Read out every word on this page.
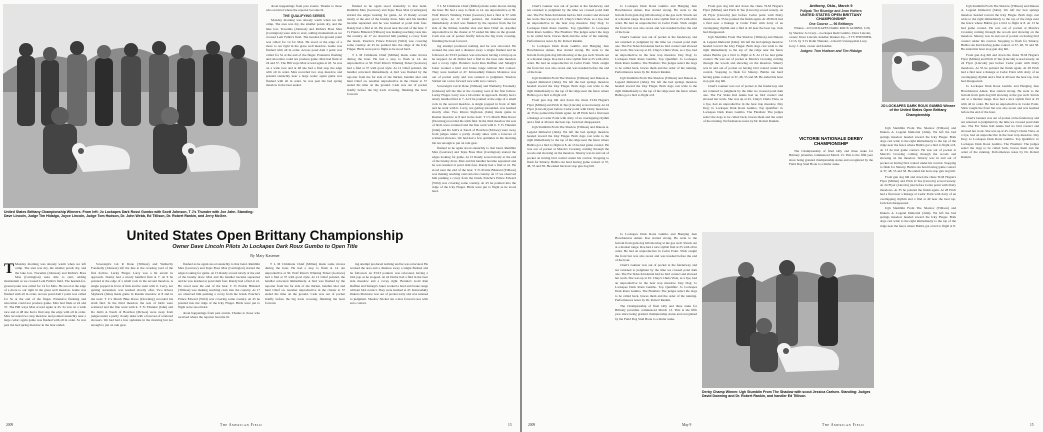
United States Brittany Championship Winners. From left: Jo Lockapes Dark Rossi Gumbo with Scott Johnson, T J's Thunder with Joe Jahn. Standing: Dave Lincoln, Judge Tim Hidalgo, Joyce Lincoln, Judge Tom Hudson, Dr. John Webb, Ed Tillison, Dr. Robert Rankin, and Jerry McGee.

about happenings from past events. Thanks to those who received where the reporter become ill.

THE QUALIFYING SERIES

Monday morning was already warm when we left camp. The area was dry, the smaller ponds dry, and the lake low. Tracemis (Johnson) and Richie's Boss Max (Carrington) were able to start, adding momentum as we crossed Lem Fuller's field. The headed-for-ground point was called for 14 for Max. He stood at the edge of a more to our right in the grass well meadow. Game was flushed with all in order. Across pond dam I point was called for Ss at the end of the finger. Extensive flushing and relocation could not produce game. Max had finds at 24 and 37. The Hill ways Max scored again at 45. Ss was on a wide race and at 48 she had a find stop the edge with all in order. Max recorded two stop meadow and pointed staunchly near a large cedar; again game was flushed with all in order. Ss was past the bed spring meadow in the bear ended.

flushed as he again stood staunchly to that bend. Rumblin Max (Gonvew) and Tejas Boss Max (Carrington) started the edges looking for game. At 15 Randy scored nicely at the end of the brushy draw. Max and his handler became separated and he was leashed at pond dam four. Randy had a find at 41. He stood near the end of the bear. T J's Prairie Blizzard (Tillison) was making reaching casts into the country. At 17 we observed him pushing a covey from the brush. Pancho's Prince Edward (Wild) was covering some country. At 45 he pointed into the ridge of the Icky Finger. Birds were put to flight as he stood hard.

T L M Cimmarie Chief (Millen) made some moves during the hour. He had a stop to flush at 14. An unproductive at 30. Wolf River's Winning Ticket (Gonvew) had a find at 37 with good style. At 12 Chief pointed, the handler relocated immediately. A bird was flushed by the reporter from the far side of the thicket, handler shot and hunt Chief on. Another unproductive in the cluster at 57 ended his time on the ground. Cash was out of pocket briefly before the big track crossing, finishing the hour forward.

T L M Cimmarie Chief (Millen) made some moves during the hour. He had a stop to flush at 14. An unproductive at 30. Wolf River's Winning Ticket (Gonvew) had a find at 37 with good style. At 12 Chief pointed, the handler relocated immediately. A bird was flushed by the reporter from the far side of the thicket, handler shot and hunt Chief on. Another unproductive in the cluster at 57 ended his time on the ground. Cash was out of pocket briefly before the big track crossing, finishing the hour forward.

ing attempt produced nothing and he was relocated. He worked the area and a distance away a single flushed and he followed. At 33:23 pointed, was relocated, having a bird pop as he stopped. At 42 Dollar had a find in the bear side meadow and a covey right. Bonnie's Gold Run Ruffian and Smatgi's Joker worked a hard and broke range without bird contact. They were leashed at 47. Kinwashkly Dakota Molestoe was out of pocket early and was retuned to judgment. Shadow Stickel ran a nice forward race with zero contact.

Sovereign's Git R Done (Tillison) and Wetherby Fondaeily (Johnson) left the line at the crossing road of the first hollow. Lucky Finger. Larry was a bit erratic in approach. Donby had a nicely handled find at 7. At 9 he pointed at the edge of a small rock in the second meadow. A single popped in front of him and he went with it. Larry, not getting astounded, was leashed shortly after. Two Rivers Skyhawk (Jahn) made game in Rustler meadow at 8 and in the next: T C's Match Bike Racer (Downing) recorded his sixth find. In the third meadow the sets of birds were scattered and the fine went with it. T J's Thunder (Jahn) and Ro Jem's A Touch of Bourbon (McGee) were away from judges under a partly cloudy skies with a forecast of scattered showers. We had had a few sprinkles in the morning but not enough to put on rain gear.

flushed as he again stood staunchly to that bend. Rumblin Max (Gonvew) and Tejas Boss Max (Carrington) started the edges looking for game. At 15 Randy scored nicely at the end of the brushy draw. Max and his handler became separated and he was leashed at pond dam four. Randy had a find at 41. He stood near the end of the bear. T J's Prairie Blizzard (Tillison) was making reaching casts into the country. At 17 we observed him pushing a covey from the brush. Pancho's Prince Edward (Wild) was covering some country. At 45 he pointed into the ridge of the Icky Finger. Birds were put to flight as he stood hard.

United States Open Brittany Championship
Owner Dave Lincoln Pilots Jo Lockapes Dark Roux Gumbo to Open Title
By Mary Kasemer
T Monday morning was already warm when we left camp. The area was dry, the smaller ponds dry, and the lake low. Tracemis (Johnson) and Richie's Boss Max (Carrington) were able to start, adding momentum as we crossed Lem Fuller's field. The headed-for-ground point was called for 14 for Max. He stood at the edge of a more to our right in the grass well meadow. Game was flushed with all in order. Across pond dam I point was called for Ss at the end of the finger. Extensive flushing and relocation could not produce game. Max had finds at 24 and 37. The Hill ways Max scored again at 45. Ss was on a wide race and at 48 she had a find stop the edge with all in order. Max recorded two stop meadow and pointed staunchly near a large cedar; again game was flushed with all in order. Ss was past the bed spring meadow in the bear ended.

Sovereign's Git R Done (Tillison) and Wetherby Fondaeily (Johnson) left the line at the crossing road of the first hollow. Lucky Finger. Larry was a bit erratic in approach. Donby had a nicely handled find at 7. At 9 he pointed at the edge of a small rock in the second meadow. A single popped in front of him and he went with it. Larry, not getting astounded, was leashed shortly after. Two Rivers Skyhawk (Jahn) made game in Rustler meadow at 8 and in the next: T C's Match Bike Racer (Downing) recorded his sixth find. In the third meadow the sets of birds were scattered and the fine went with it. T J's Thunder (Jahn) and Ro Jem's A Touch of Bourbon (McGee) were away from judges under a partly cloudy skies with a forecast of scattered showers. We had had a few sprinkles in the morning but not enough to put on rain gear.

flushed as he again stood staunchly to that bend. Rumblin Max (Gonvew) and Tejas Boss Max (Carrington) started the edges looking for game. At 15 Randy scored nicely at the end of the brushy draw. Max and his handler became separated and he was leashed at pond dam four. Randy had a find at 41. He stood near the end of the bear. T J's Prairie Blizzard (Tillison) was making reaching casts into the country. At 17 we observed him pushing a covey from the brush. Pancho's Prince Edward (Wild) was covering some country. At 45 he pointed into the ridge of the Icky Finger. Birds were put to flight as he stood hard.

about happenings from past events. Thanks to those who received where the reporter become ill.

T L M Cimmarie Chief (Millen) made some moves during the hour. He had a stop to flush at 14. An unproductive at 30. Wolf River's Winning Ticket (Gonvew) had a find at 37 with good style. At 12 Chief pointed, the handler relocated immediately. A bird was flushed by the reporter from the far side of the thicket, handler shot and hunt Chief on. Another unproductive in the cluster at 57 ended his time on the ground. Cash was out of pocket briefly before the big track crossing, finishing the hour forward.

ing attempt produced nothing and he was relocated. He worked the area and a distance away a single flushed and he followed. At 33:23 pointed, was relocated, having a bird pop as he stopped. At 42 Dollar had a find in the bear side meadow and a covey right. Bonnie's Gold Run Ruffian and Smatgi's Joker worked a hard and broke range without bird contact. They were leashed at 47. Kinwashkly Dakota Molestoe was out of pocket early and was retuned to judgment. Shadow Stickel ran a nice forward race with zero contact.

2009	The American Field	13

Cheri's Gunner was out of pocket at the fenderway and not returned to judgment by the time we crossed pond dam one. The Far Sides Kid Annie had no bird contact and showed her work. She was up at 45. Chuy's Chula Vista, as a bye, had an unproductive in the bear trap meadow. Day Dog: Jo Lockapes Dark Roux Gumbo. Top Qualifier: Jo Lockapes Dark Roux Gumbo. The Finalists: The judges select the dogs to be called back, braces them and the order of the running. Performances notes by Dr. Robert Rankin.

Jo Lockapes Dark Roux Gumbo and Hanging Jaze Howdalewsa Amen. Roe started strong. He went to the bottom from gum dog hill showing at the gas well. Struck out at a modest range. Roe had a nice stylish find at 25 with all in order. He had an unproductive in Cedar Point. Slick caught the front but was also recast and was leashed before the end of the hour.

Ugh Stumblin From The Shadow (Tillison) and Dakota A. Legend Immortal (Jahn). We left the bed springs meadow headed toward the Icky Finger. Both dogs cast wide to the right immediately to the top of the ridge near the fence where Bubba got a bird to flight at 8.

From gun dog hill and down the chute TLM Hogan's Flyer (Millen) and Pitch O Tee (Lincoln) scored tersely. At 24 Flyer (Lincoln) just before Cedar point with Dotty meadows. At 35 he pointed the finish again. At 28 Pitch had a find near a linkage at Cedar Point with dotty of an overlapping rhythm and a find at 40 near the bear tap. Jack had disappeared.

Ugh Stumblin From The Shadow (Tillison) and Dakota A. Legend Immortal (Jahn). We left the bed springs meadow headed toward the Icky Finger. Both dogs cast wide to the right immediately to the top of the ridge near the fence where Bubba got a bird to flight at 8. At 13 he had game contact. He was out of pocket at Marck's Crossing coming through the woods and showing on the meadow. Smurry was in and out of pocket on having bird contact under his control. Stopping to flush for Smurry. Bubba ran hard having game contact at 37, 48, 55 and 58. He ended his hour stop gun dog hill.

Jo Lockapes Dark Roux Gumbo and Hanging Jaze Howdalewsa Amen. Roe started strong. He went to the bottom from gum dog hill showing at the gas well. Struck out at a modest range. Roe had a nice stylish find at 25 with all in order. He had an unproductive in Cedar Point. Slick caught the front but was also recast and was leashed before the end of the hour.

Cheri's Gunner was out of pocket at the fenderway and not returned to judgment by the time we crossed pond dam one. The Far Sides Kid Annie had no bird contact and showed her work. She was up at 45. Chuy's Chula Vista, as a bye, had an unproductive in the bear trap meadow. Day Dog: Jo Lockapes Dark Roux Gumbo. Top Qualifier: Jo Lockapes Dark Roux Gumbo. The Finalists: The judges select the dogs to be called back, braces them and the order of the running. Performances notes by Dr. Robert Rankin.

Ugh Stumblin From The Shadow (Tillison) and Dakota A. Legend Immortal (Jahn). We left the bed springs meadow headed toward the Icky Finger. Both dogs cast wide to the right immediately to the top of the ridge near the fence where Bubba got a bird to flight at 8.

From gun dog hill and down the chute TLM Hogan's Flyer (Millen) and Pitch O Tee (Lincoln) scored tersely. At 24 Flyer (Lincoln) just before Cedar point with Dotty meadows. At 35 he pointed the finish again. At 28 Pitch had a find near a linkage at Cedar Point with dotty of an overlapping rhythm and a find at 40 near the bear tap. Jack had disappeared.

Ugh Stumblin From The Shadow (Tillison) and Dakota A. Legend Immortal (Jahn). We left the bed springs meadow headed toward the Icky Finger. Both dogs cast wide to the right immediately to the top of the ridge near the fence where Bubba got a bird to flight at 8. At 13 he had game contact. He was out of pocket at Marck's Crossing coming through the woods and showing on the meadow. Smurry was in and out of pocket on having bird contact under his control. Stopping to flush for Smurry. Bubba ran hard having game contact at 37, 48, 55 and 58. He ended his hour stop gun dog hill.

Cheri's Gunner was out of pocket at the fenderway and not returned to judgment by the time we crossed pond dam one. The Far Sides Kid Annie had no bird contact and showed her work. She was up at 45. Chuy's Chula Vista, as a bye, had an unproductive in the bear trap meadow. Day Dog: Jo Lockapes Dark Roux Gumbo. Top Qualifier: Jo Lockapes Dark Roux Gumbo. The Finalists: The judges select the dogs to be called back, braces them and the order of the running. Performances notes by Dr. Robert Rankin.

Anthony, Okla., March 9
Fullpak The Bluedge and Jean Holters
UNITED STATES OPEN BRITTANY CHAMPIONSHIP
One Course — 96 Brittanys

Winner—JO LOCKAPES DARK ROUX GUMBO, 1/26, by Shadow Jo Crazy—Lockapes Redz Gumbo. Dave Lincoln, owner; Dave Lincoln, handler. Runner-Up—T J'S THUNDER, 11/13, by T J's Rolin Thunder—Cherri's Unstoppable Lucy. Gary J. Jahn, owner and handler.

Judges: Tom Hudson and Tim Hidalgo
VICTORIE NATIONALE DERBY CHAMPIONSHIP

The Championship of final tally and three stake for Brittany juveniles commenced March 13. This is the fifth year since being granted championship status and recognized by the Field Dog Stud Book to a titular stake.

JO LOCKAPES DARK ROUX GUMBO Winner of the United States Open Brittany Championship

Ugh Stumblin From The Shadow (Tillison) and Dakota A. Legend Immortal (Jahn). We left the bed springs meadow headed toward the Icky Finger. Both dogs cast wide to the right immediately to the top of the ridge near the fence where Bubba got a bird to flight at 8. At 13 he had game contact. He was out of pocket at Marck's Crossing coming through the woods and showing on the meadow. Smurry was in and out of pocket on having bird contact under his control. Stopping to flush for Smurry. Bubba ran hard having game contact at 37, 48, 55 and 58. He ended his hour stop gun dog hill.

From gun dog hill and down the chute TLM Hogan's Flyer (Millen) and Pitch O Tee (Lincoln) scored tersely. At 24 Flyer (Lincoln) just before Cedar point with Dotty meadows. At 35 he pointed the finish again. At 28 Pitch had a find near a linkage at Cedar Point with dotty of an overlapping rhythm and a find at 40 near the bear tap. Jack had disappeared.

Ugh Stumblin From The Shadow (Tillison) and Dakota A. Legend Immortal (Jahn). We left the bed springs meadow headed toward the Icky Finger. Both dogs cast wide to the right immediately to the top of the ridge near the fence where Bubba got a bird to flight at 8.

Ugh Stumblin From The Shadow (Tillison) and Dakota A. Legend Immortal (Jahn). We left the bed springs meadow headed toward the Icky Finger. Both dogs cast wide to the right immediately to the top of the ridge near the fence where Bubba got a bird to flight at 8. At 13 he had game contact. He was out of pocket at Marck's Crossing coming through the woods and showing on the meadow. Smurry was in and out of pocket on having bird contact under his control. Stopping to flush for Smurry. Bubba ran hard having game contact at 37, 48, 55 and 58. He ended his hour stop gun dog hill.

From gun dog hill and down the chute TLM Hogan's Flyer (Millen) and Pitch O Tee (Lincoln) scored tersely. At 24 Flyer (Lincoln) just before Cedar point with Dotty meadows. At 35 he pointed the finish again. At 28 Pitch had a find near a linkage at Cedar Point with dotty of an overlapping rhythm and a find at 40 near the bear tap. Jack had disappeared.

Jo Lockapes Dark Roux Gumbo and Hanging Jaze Howdalewsa Amen. Roe started strong. He went to the bottom from gum dog hill showing at the gas well. Struck out at a modest range. Roe had a nice stylish find at 25 with all in order. He had an unproductive in Cedar Point. Slick caught the front but was also recast and was leashed before the end of the hour.

Cheri's Gunner was out of pocket at the fenderway and not returned to judgment by the time we crossed pond dam one. The Far Sides Kid Annie had no bird contact and showed her work. She was up at 45. Chuy's Chula Vista, as a bye, had an unproductive in the bear trap meadow. Day Dog: Jo Lockapes Dark Roux Gumbo. Top Qualifier: Jo Lockapes Dark Roux Gumbo. The Finalists: The judges select the dogs to be called back, braces them and the order of the running. Performances notes by Dr. Robert Rankin.

Derby Champ Winner. Ugh Stumblin From The Shadow with scout Jessica Carlsen. Standing: Judges David Downing and Dr. Robert Rankin, and handler Ed Tillison.

Jo Lockapes Dark Roux Gumbo and Hanging Jaze Howdalewsa Amen. Roe started strong. He went to the bottom from gum dog hill showing at the gas well. Struck out at a modest range. Roe had a nice stylish find at 25 with all in order. He had an unproductive in Cedar Point. Slick caught the front but was also recast and was leashed before the end of the hour.

Cheri's Gunner was out of pocket at the fenderway and not returned to judgment by the time we crossed pond dam one. The Far Sides Kid Annie had no bird contact and showed her work. She was up at 45. Chuy's Chula Vista, as a bye, had an unproductive in the bear trap meadow. Day Dog: Jo Lockapes Dark Roux Gumbo. Top Qualifier: Jo Lockapes Dark Roux Gumbo. The Finalists: The judges select the dogs to be called back, braces them and the order of the running. Performances notes by Dr. Robert Rankin.

The Championship of final tally and three stake for Brittany juveniles commenced March 13. This is the fifth year since being granted championship status and recognized by the Field Dog Stud Book to a titular stake.

2009	May 9	The American Field	15
